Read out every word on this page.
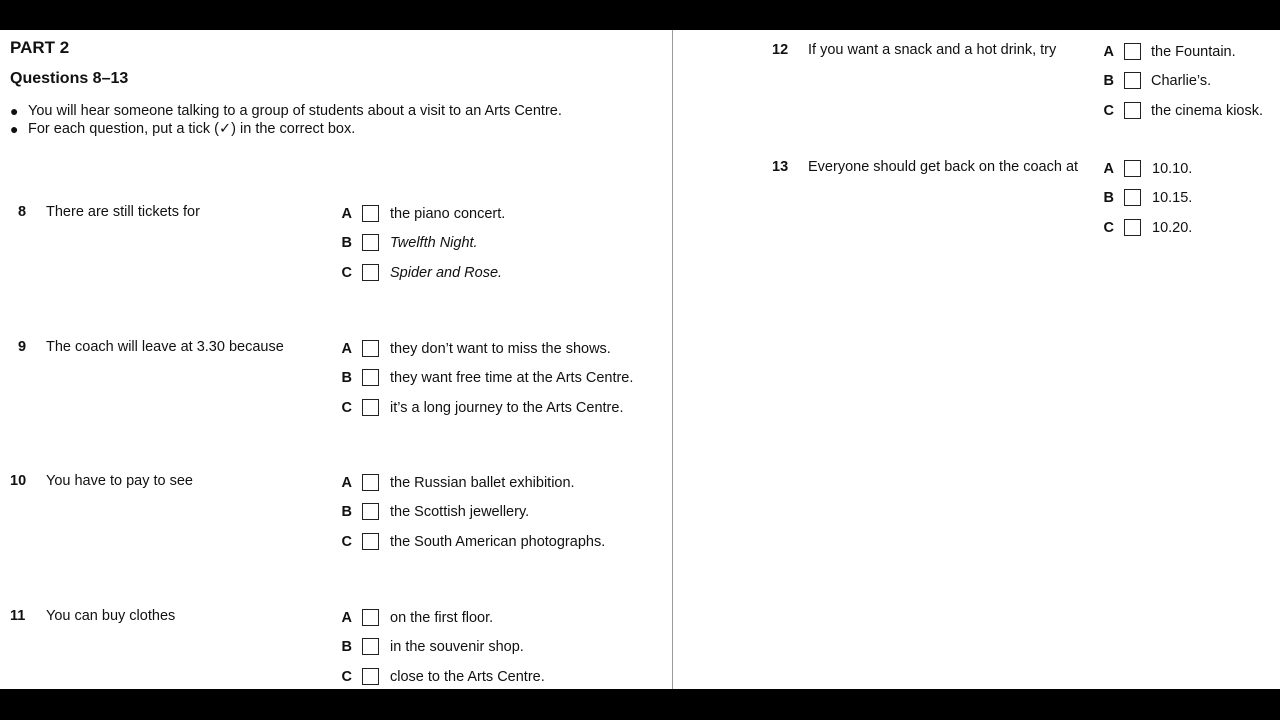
PART 2
Questions 8–13
● You will hear someone talking to a group of students about a visit to an Arts Centre.
● For each question, put a tick (✓) in the correct box.
8 There are still tickets for	A	the piano concert.
B	Twelfth Night.
C	Spider and Rose.
9 The coach will leave at 3.30 because	A	they don’t want to miss the shows.
B	they want free time at the Arts Centre.
C	it’s a long journey to the Arts Centre.
10 You have to pay to see	A	the Russian ballet exhibition.
B	the Scottish jewellery.
C	the South American photographs.
11 You can buy clothes	A	on the first floor.
B	in the souvenir shop.
C	close to the Arts Centre.
12 If you want a snack and a hot drink, try	A	the Fountain.
B	Charlie’s.
C	the cinema kiosk.
13 Everyone should get back on the coach at A	10.10.
B	10.15.
C	10.20.
